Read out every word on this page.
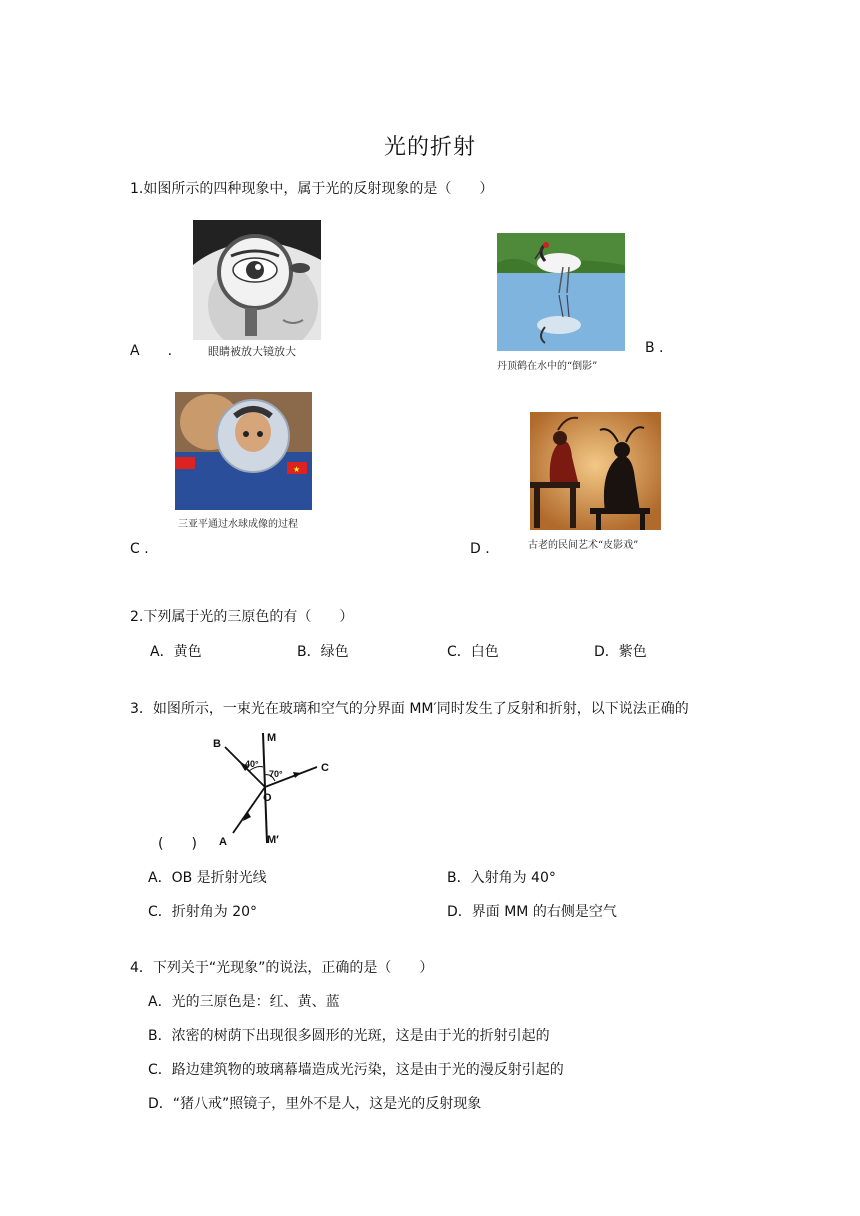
光的折射
1.如图所示的四种现象中，属于光的反射现象的是（　　）
眼睛被放大镜放大
A　　.
丹顶鹤在水中的“倒影”
B .
★
三亚平通过水球成像的过程
C .	古老的民间艺术“皮影戏”
D .
2.下列属于光的三原色的有（　　）
A．黄色	B．绿色	C．白色	D．紫色
3．如图所示，一束光在玻璃和空气的分界面 MM′同时发生了反射和折射，以下说法正确的
B	M
C
O
A	M′
40°
70°
(　　)
A．OB 是折射光线	B．入射角为 40°
C．折射角为 20°	D．界面 MM 的右侧是空气
4．下列关于“光现象”的说法，正确的是（　　）
A．光的三原色是：红、黄、蓝
B．浓密的树荫下出现很多圆形的光斑，这是由于光的折射引起的
C．路边建筑物的玻璃幕墙造成光污染，这是由于光的漫反射引起的
D．“猪八戒”照镜子，里外不是人，这是光的反射现象
